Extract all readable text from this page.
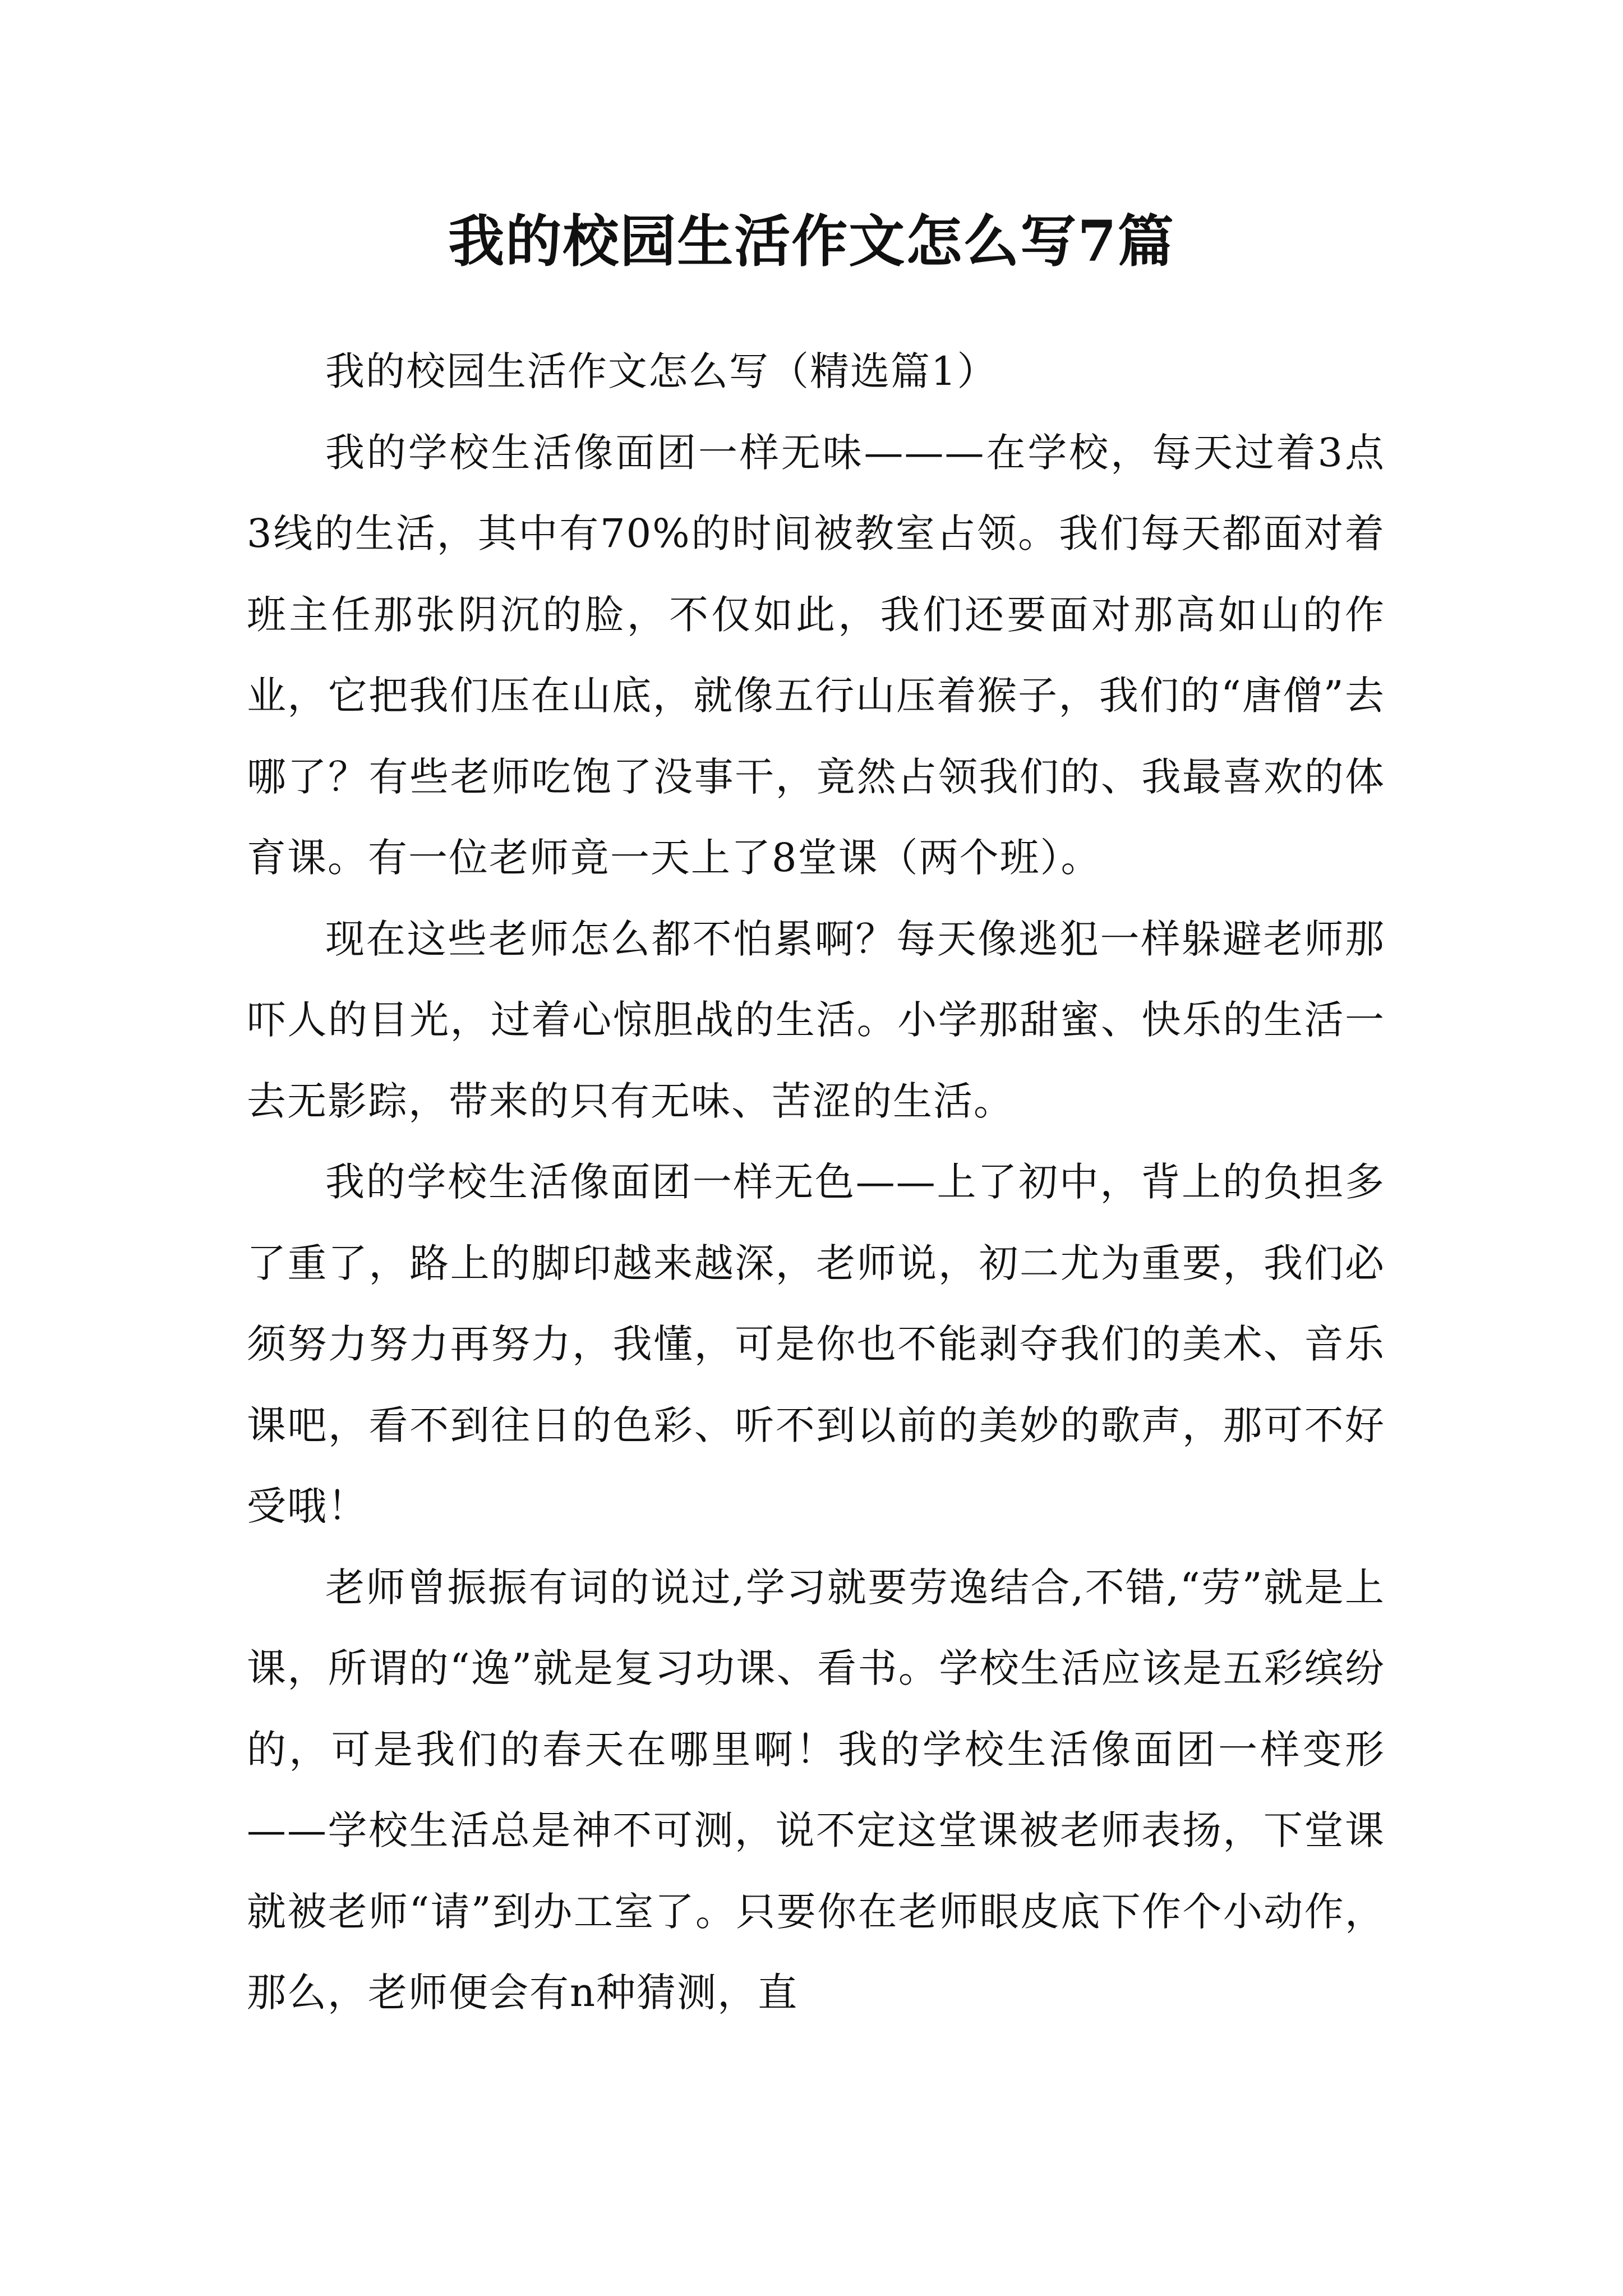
我的校园生活作文怎么写7篇

我的校园生活作文怎么写（精选篇1）

我的学校生活像面团一样无味———在学校，每天过着3点3线的生活，其中有70%的时间被教室占领。我们每天都面对着班主任那张阴沉的脸，不仅如此，我们还要面对那高如山的作业，它把我们压在山底，就像五行山压着猴子，我们的“唐僧”去哪了？有些老师吃饱了没事干，竟然占领我们的、我最喜欢的体育课。有一位老师竟一天上了8堂课（两个班）。

现在这些老师怎么都不怕累啊？每天像逃犯一样躲避老师那吓人的目光，过着心惊胆战的生活。小学那甜蜜、快乐的生活一去无影踪，带来的只有无味、苦涩的生活。

我的学校生活像面团一样无色——上了初中，背上的负担多了重了，路上的脚印越来越深，老师说，初二尤为重要，我们必须努力努力再努力，我懂，可是你也不能剥夺我们的美术、音乐课吧，看不到往日的色彩、听不到以前的美妙的歌声，那可不好受哦！

老师曾振振有词的说过,学习就要劳逸结合,不错,“劳”就是上课，所谓的“逸”就是复习功课、看书。学校生活应该是五彩缤纷的，可是我们的春天在哪里啊！我的学校生活像面团一样变形——学校生活总是神不可测，说不定这堂课被老师表扬，下堂课就被老师“请”到办工室了。只要你在老师眼皮底下作个小动作，那么，老师便会有n种猜测，直
